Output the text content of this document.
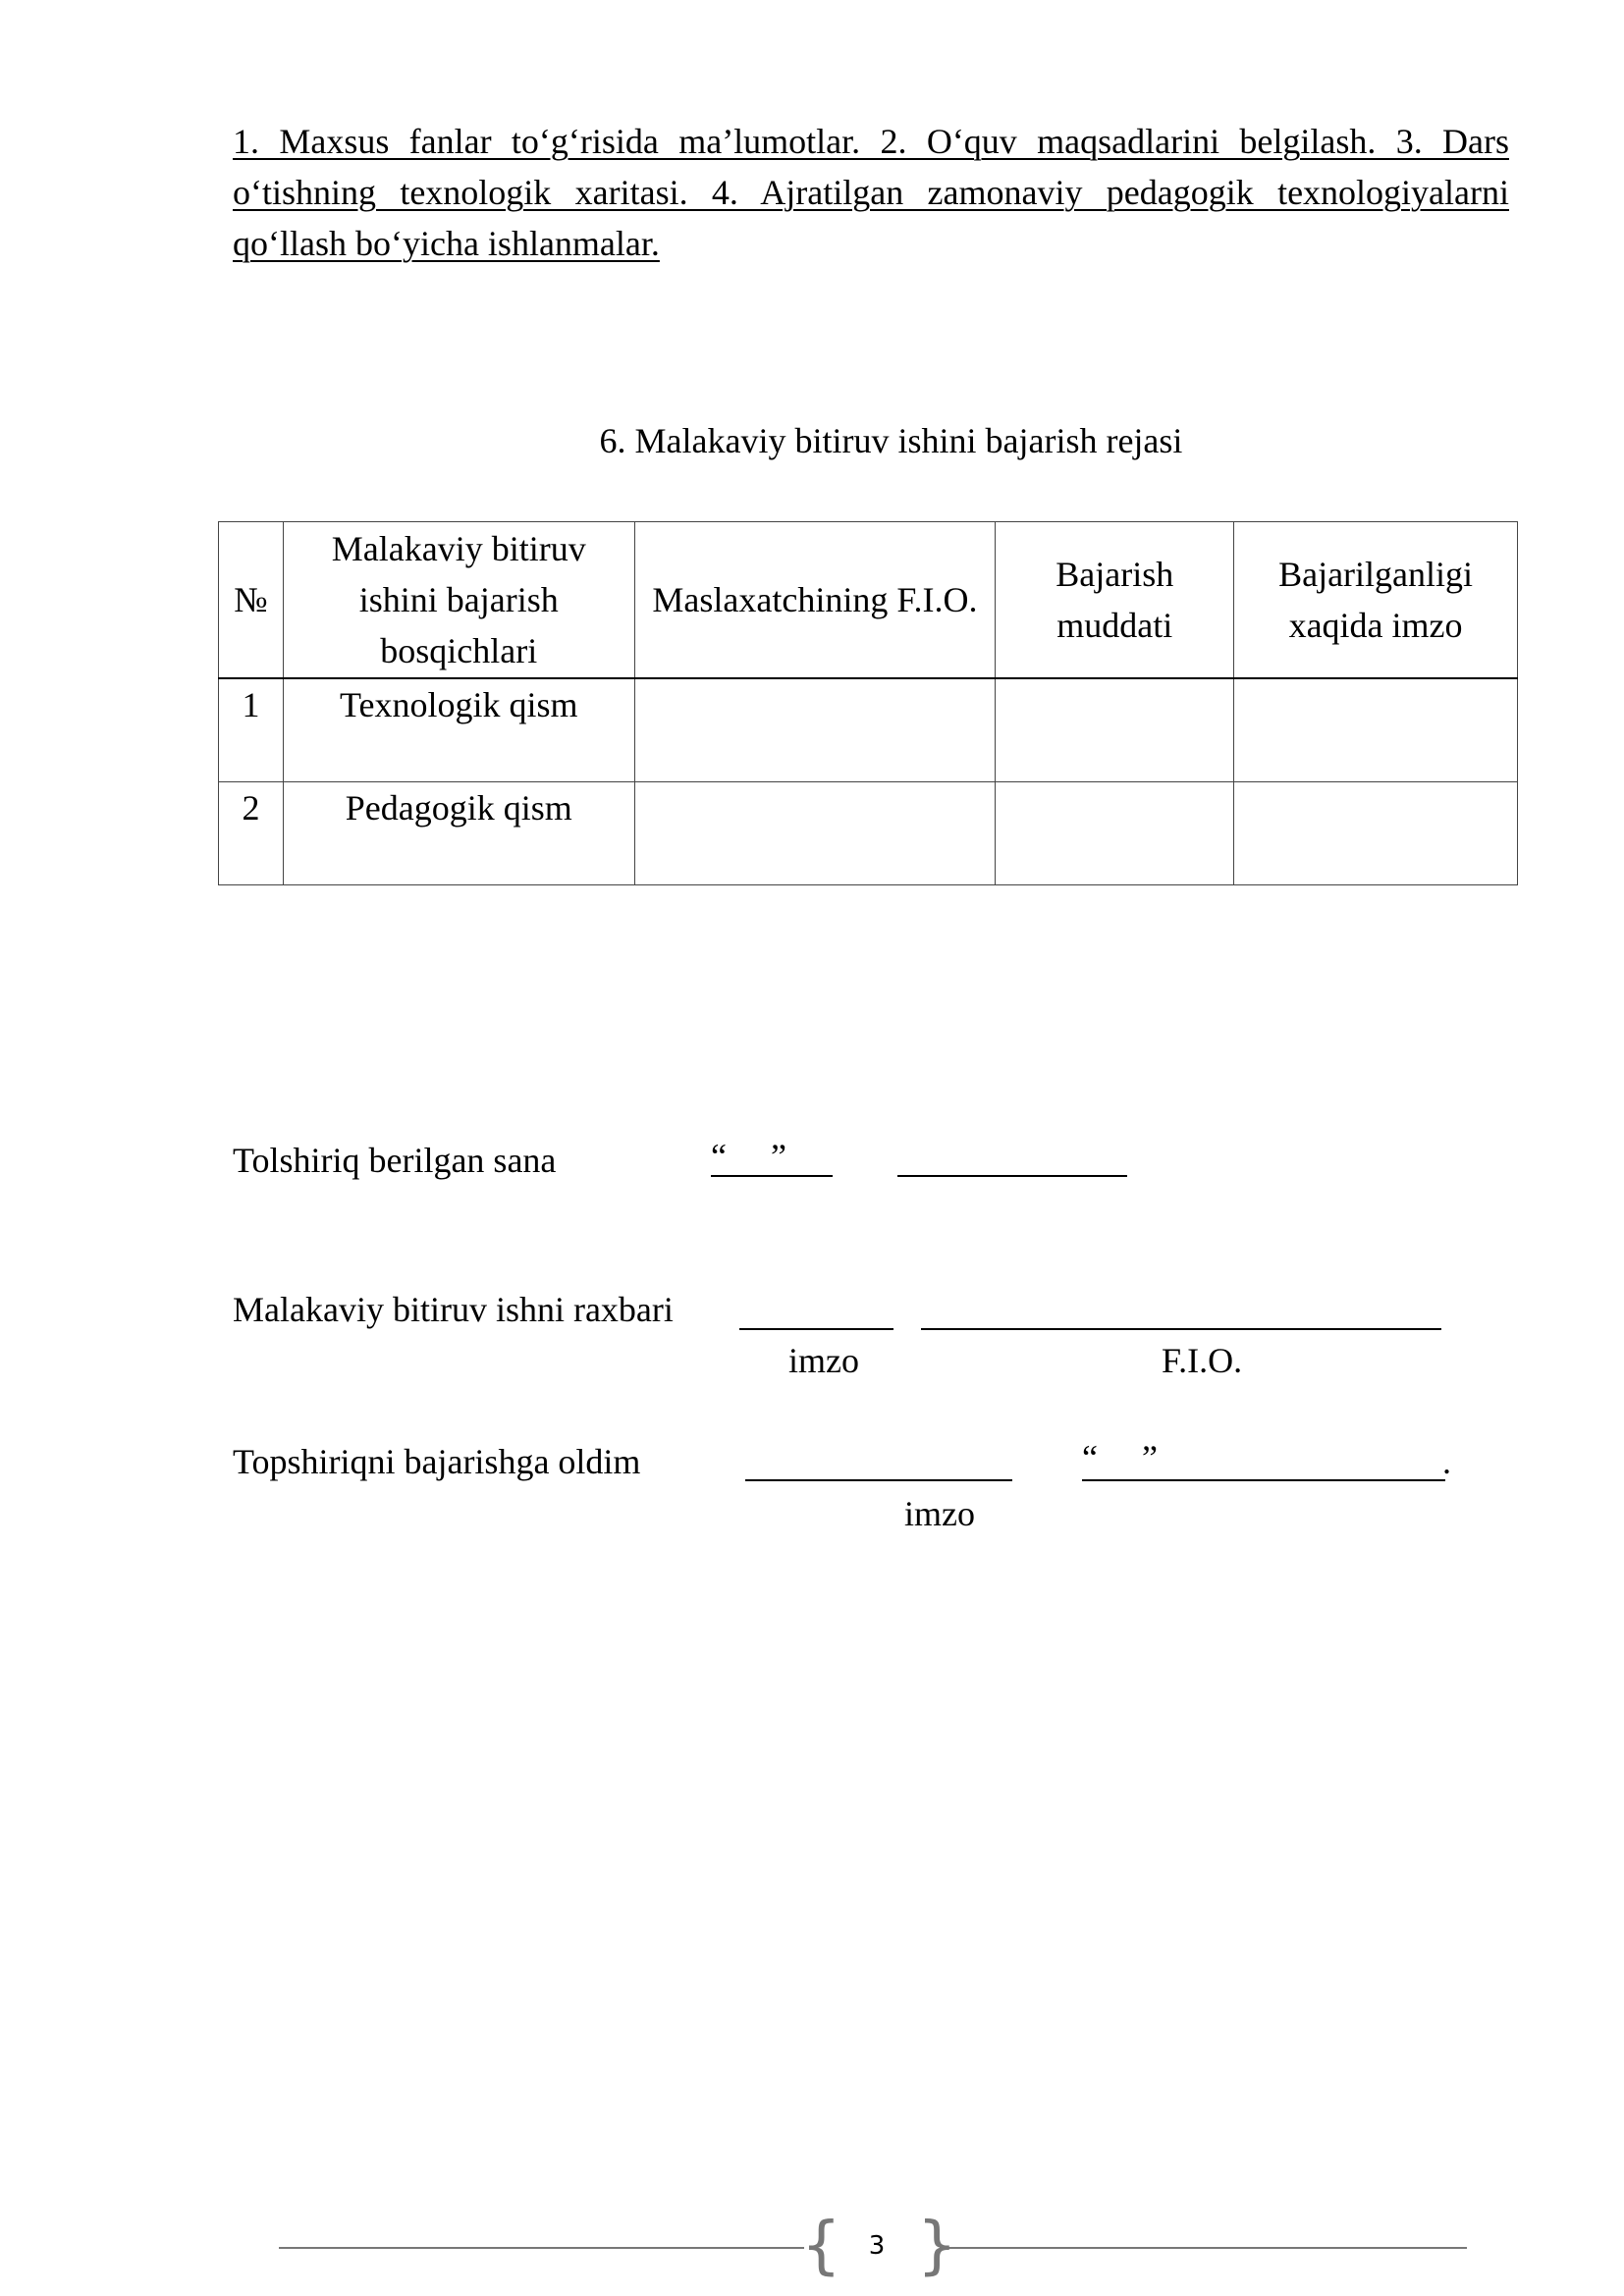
1. Maxsus fanlar to‘g‘risida ma’lumotlar. 2. O‘quv maqsadlarini belgilash. 3. Dars o‘tishning texnologik xaritasi. 4. Ajratilgan zamonaviy pedagogik texnologiyalarni qo‘llash bo‘yicha ishlanmalar.

6. Malakaviy bitiruv ishini bajarish rejasi

№	Malakaviy bitiruv ishini bajarish bosqichlari	Maslaxatchining F.I.O.	Bajarish muddati	Bajarilganligi xaqida imzo
1	Texnologik qism			
2	Pedagogik qism			
Tolshiriq berilgan sana	“     ”
Malakaviy bitiruv ishni raxbari
imzo	F.I.O.
Topshiriqni bajarishga oldim	“     ”	.
imzo
{ }
3
